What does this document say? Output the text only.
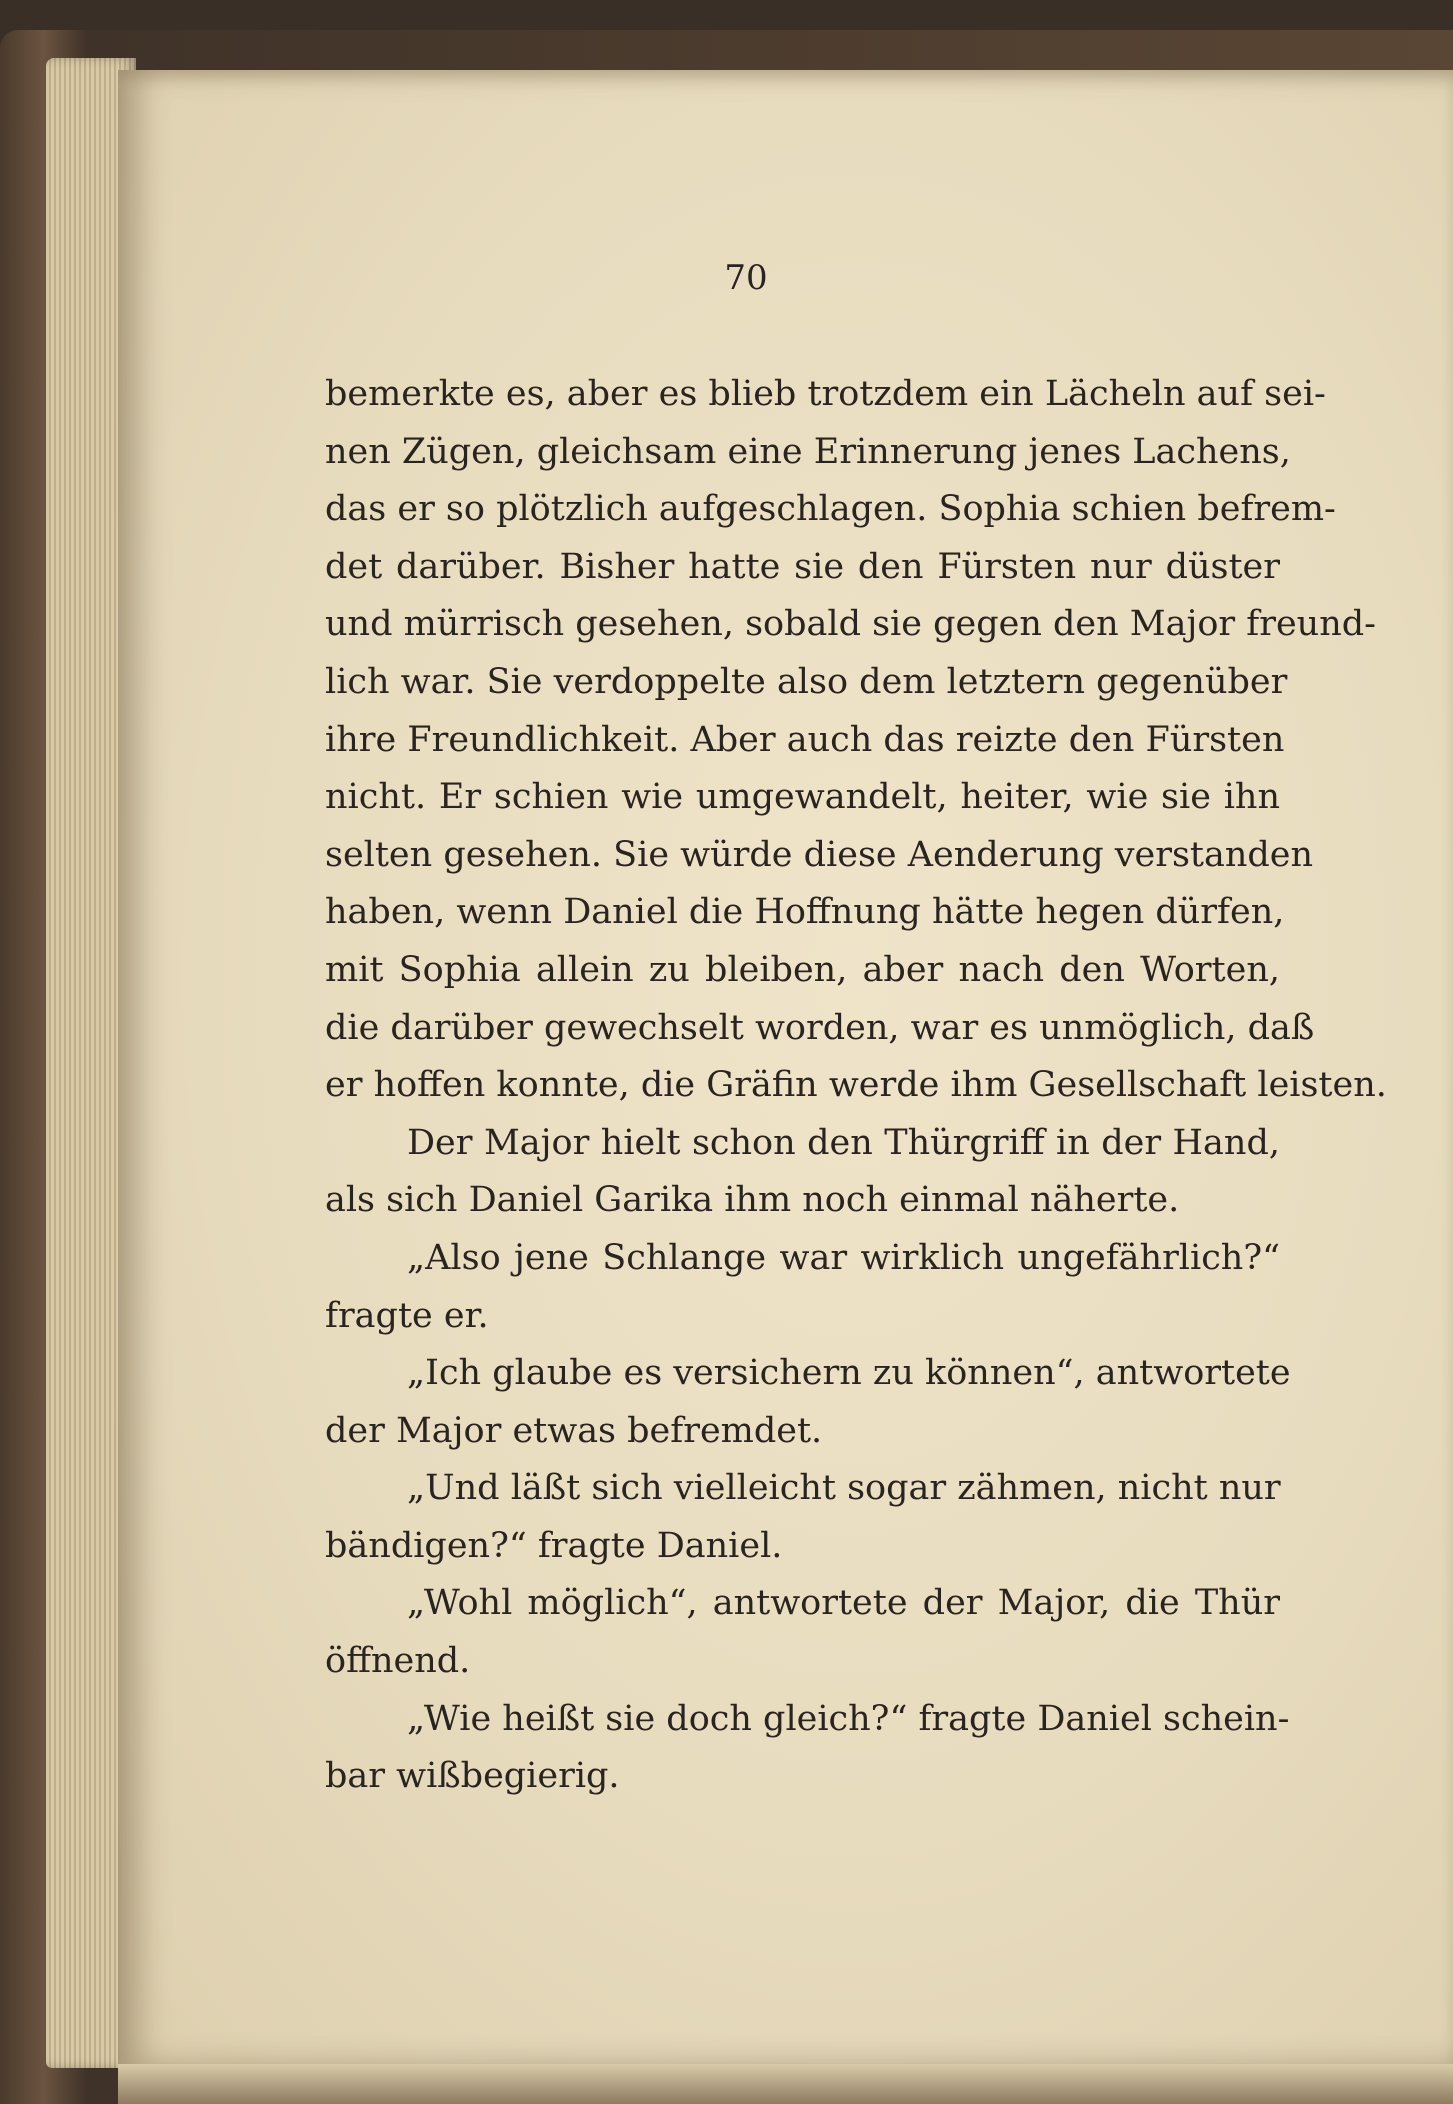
70
bemerkte es, aber es blieb trotzdem ein Lächeln auf sei-
nen Zügen, gleichsam eine Erinnerung jenes Lachens,
das er so plötzlich aufgeschlagen. Sophia schien befrem-
det darüber. Bisher hatte sie den Fürsten nur düster
und mürrisch gesehen, sobald sie gegen den Major freund-
lich war. Sie verdoppelte also dem letztern gegenüber
ihre Freundlichkeit. Aber auch das reizte den Fürsten
nicht. Er schien wie umgewandelt, heiter, wie sie ihn
selten gesehen. Sie würde diese Aenderung verstanden
haben, wenn Daniel die Hoffnung hätte hegen dürfen,
mit Sophia allein zu bleiben, aber nach den Worten,
die darüber gewechselt worden, war es unmöglich, daß
er hoffen konnte, die Gräfin werde ihm Gesellschaft leisten.
Der Major hielt schon den Thürgriff in der Hand,
als sich Daniel Garika ihm noch einmal näherte.
„Also jene Schlange war wirklich ungefährlich?“
fragte er.
„Ich glaube es versichern zu können“, antwortete
der Major etwas befremdet.
„Und läßt sich vielleicht sogar zähmen, nicht nur
bändigen?“ fragte Daniel.
„Wohl möglich“, antwortete der Major, die Thür
öffnend.
„Wie heißt sie doch gleich?“ fragte Daniel schein-
bar wißbegierig.
